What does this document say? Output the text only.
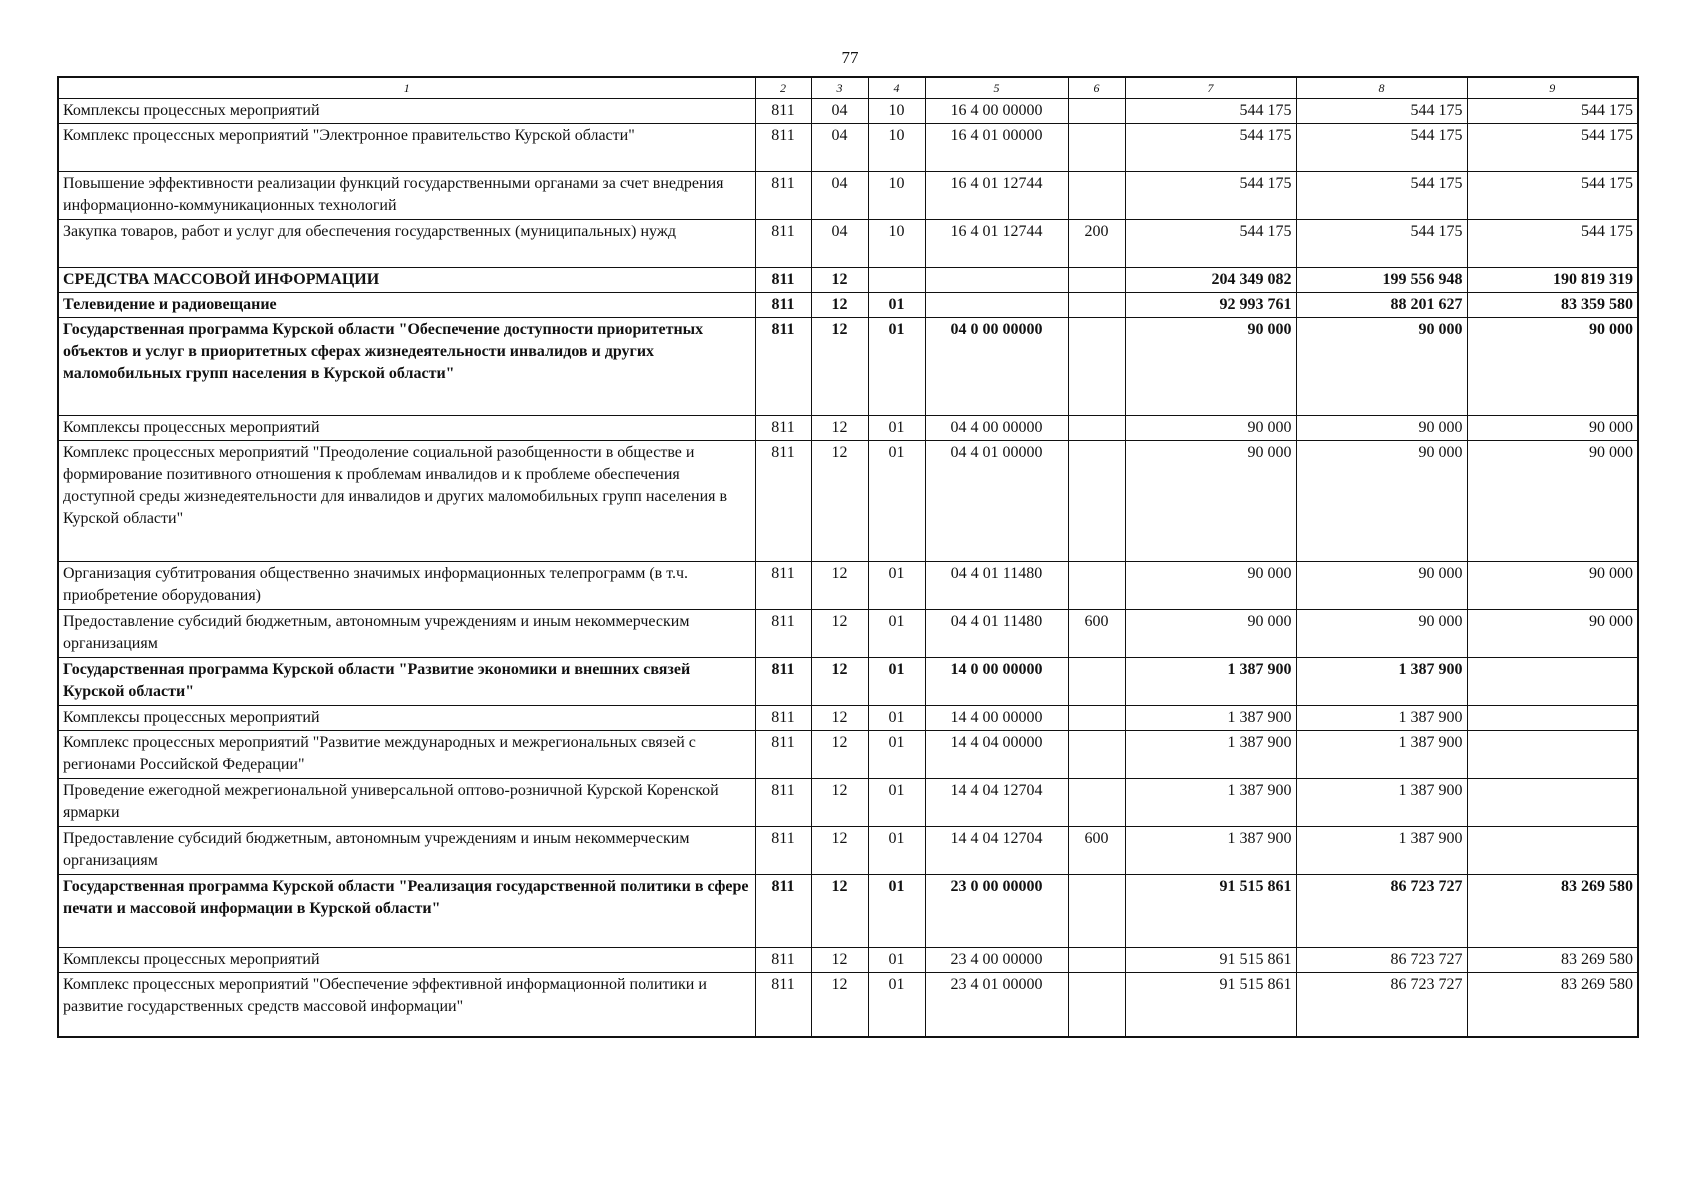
77
1	2	3	4	5	6	7	8	9
Комплексы процессных мероприятий	811	04	10	16 4 00 00000		544 175	544 175	544 175
Комплекс процессных мероприятий "Электронное правительство Курской области"	811	04	10	16 4 01 00000		544 175	544 175	544 175
Повышение эффективности реализации функций государственными органами за счет внедрения информационно-коммуникационных технологий	811	04	10	16 4 01 12744		544 175	544 175	544 175
Закупка товаров, работ и услуг для обеспечения государственных (муниципальных) нужд	811	04	10	16 4 01 12744	200	544 175	544 175	544 175
СРЕДСТВА МАССОВОЙ ИНФОРМАЦИИ	811	12				204 349 082	199 556 948	190 819 319
Телевидение и радиовещание	811	12	01			92 993 761	88 201 627	83 359 580
Государственная программа Курской области "Обеспечение доступности приоритетных объектов и услуг в приоритетных сферах жизнедеятельности инвалидов и других маломобильных групп населения в Курской области"	811	12	01	04 0 00 00000		90 000	90 000	90 000
Комплексы процессных мероприятий	811	12	01	04 4 00 00000		90 000	90 000	90 000
Комплекс процессных мероприятий "Преодоление социальной разобщенности в обществе и формирование позитивного отношения к проблемам инвалидов и к проблеме обеспечения доступной среды жизнедеятельности для инвалидов и других маломобильных групп населения в Курской области"	811	12	01	04 4 01 00000		90 000	90 000	90 000
Организация субтитрования общественно значимых информационных телепрограмм (в т.ч. приобретение оборудования)	811	12	01	04 4 01 11480		90 000	90 000	90 000
Предоставление субсидий бюджетным, автономным учреждениям и иным некоммерческим организациям	811	12	01	04 4 01 11480	600	90 000	90 000	90 000
Государственная программа Курской области "Развитие экономики и внешних связей Курской области"	811	12	01	14 0 00 00000		1 387 900	1 387 900	
Комплексы процессных мероприятий	811	12	01	14 4 00 00000		1 387 900	1 387 900	
Комплекс процессных мероприятий "Развитие международных и межрегиональных связей с регионами Российской Федерации"	811	12	01	14 4 04 00000		1 387 900	1 387 900	
Проведение ежегодной межрегиональной универсальной оптово-розничной Курской Коренской ярмарки	811	12	01	14 4 04 12704		1 387 900	1 387 900	
Предоставление субсидий бюджетным, автономным учреждениям и иным некоммерческим организациям	811	12	01	14 4 04 12704	600	1 387 900	1 387 900	
Государственная программа Курской области "Реализация государственной политики в сфере печати и массовой информации в Курской области"	811	12	01	23 0 00 00000		91 515 861	86 723 727	83 269 580
Комплексы процессных мероприятий	811	12	01	23 4 00 00000		91 515 861	86 723 727	83 269 580
Комплекс процессных мероприятий "Обеспечение эффективной информационной политики и развитие государственных средств массовой информации"	811	12	01	23 4 01 00000		91 515 861	86 723 727	83 269 580
